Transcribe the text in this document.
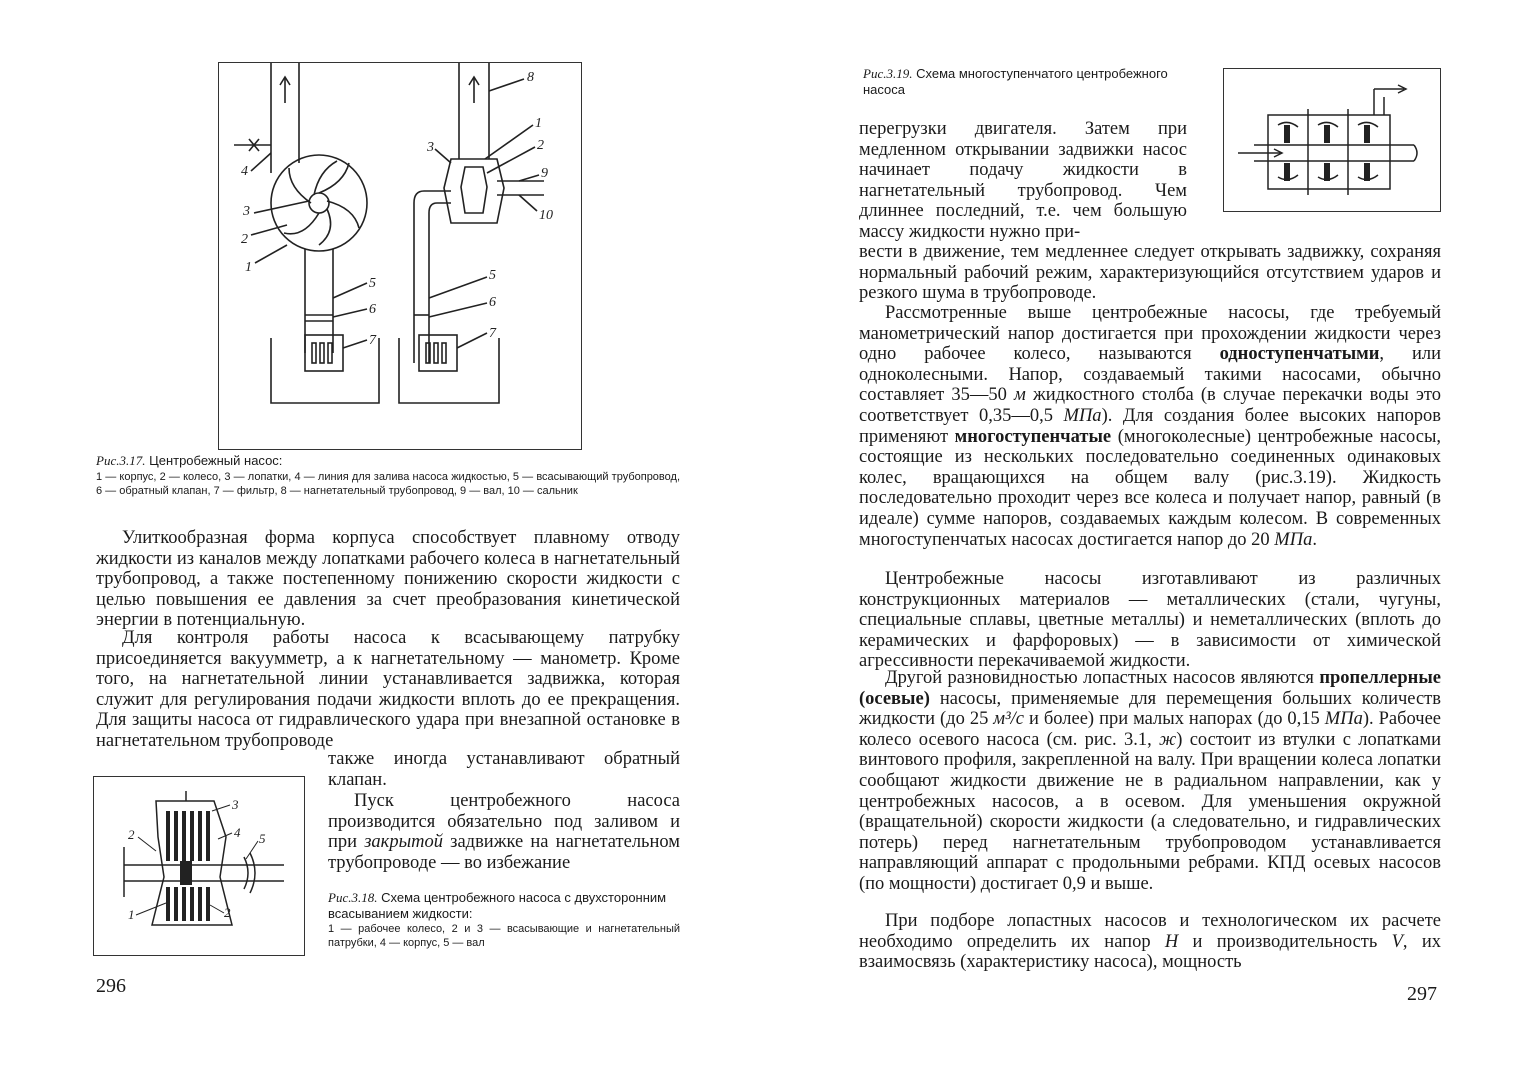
4
3
2
1
5
6
7
8
1
2
3
9
10
5
6
7

Рис.3.17. Центробежный насос:

1 — корпус, 2 — колесо, 3 — лопатки, 4 — линия для залива насоса жидкостью, 5 — всасывающий трубопровод, 6 — обратный клапан, 7 — фильтр, 8 — нагнетательный трубопровод, 9 — вал, 10 — сальник

Улиткообразная форма корпуса способствует плавному отводу жидкости из каналов между лопатками рабочего колеса в нагнетательный трубопровод, а также постепенному понижению скорости жидкости с целью повышения ее давления за счет преобразования кинетической энергии в потенциальную.

Для контроля работы насоса к всасывающему патрубку присоединяется вакуумметр, а к нагнетательному — манометр. Кроме того, на нагнетательной линии устанавливается задвижка, которая служит для регулирования подачи жидкости вплоть до ее прекращения. Для защиты насоса от гидравлического удара при внезапной остановке в нагнетательном трубопроводе

также иногда устанавливают обратный клапан.

Пуск центробежного насоса производится обязательно под заливом и при закрытой задвижке на нагнетательном трубопроводе — во избежание

3
4
2	5
1	2

Рис.3.18. Схема центробежного насоса с двухсторонним всасыванием жидкости:

1 — рабочее колесо, 2 и 3 — всасывающие и нагнетательный патрубки, 4 — корпус, 5 — вал

296

Рис.3.19. Схема многоступенчатого центробежного насоса

перегрузки двигателя. Затем при медленном открывании задвижки насос начинает подачу жидкости в нагнетательный трубопровод. Чем длиннее последний, т.е. чем большую массу жидкости нужно при-

вести в движение, тем медленнее следует открывать задвижку, сохраняя нормальный рабочий режим, характеризующийся отсутствием ударов и резкого шума в трубопроводе.

Рассмотренные выше центробежные насосы, где требуемый манометрический напор достигается при прохождении жидкости через одно рабочее колесо, называются одноступенчатыми, или одноколесными. Напор, создаваемый такими насосами, обычно составляет 35—50 м жидкостного столба (в случае перекачки воды это соответствует 0,35—0,5 МПа). Для создания более высоких напоров применяют многоступенчатые (многоколесные) центробежные насосы, состоящие из нескольких последовательно соединенных одинаковых колес, вращающихся на общем валу (рис.3.19). Жидкость последовательно проходит через все колеса и получает напор, равный (в идеале) сумме напоров, создаваемых каждым колесом. В современных многоступенчатых насосах достигается напор до 20 МПа.

Центробежные насосы изготавливают из различных конструкционных материалов — металлических (стали, чугуны, специальные сплавы, цветные металлы) и неметаллических (вплоть до керамических и фарфоровых) — в зависимости от химической агрессивности перекачиваемой жидкости.

Другой разновидностью лопастных насосов являются пропеллерные (осевые) насосы, применяемые для перемещения больших количеств жидкости (до 25 м³/с и более) при малых напорах (до 0,15 МПа). Рабочее колесо осевого насоса (см. рис. 3.1, ж) состоит из втулки с лопатками винтового профиля, закрепленной на валу. При вращении колеса лопатки сообщают жидкости движение не в радиальном направлении, как у центробежных насосов, а в осевом. Для уменьшения окружной (вращательной) скорости жидкости (а следовательно, и гидравлических потерь) перед нагнетательным трубопроводом устанавливается направляющий аппарат с продольными ребрами. КПД осевых насосов (по мощности) достигает 0,9 и выше.

При подборе лопастных насосов и технологическом их расчете необходимо определить их напор H и производительность V, их взаимосвязь (характеристику насоса), мощность

297
